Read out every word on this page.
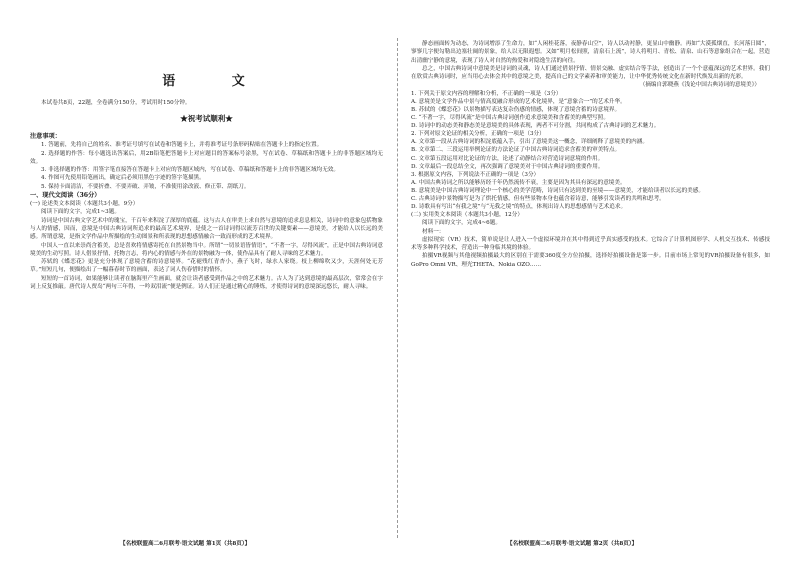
语 文

本试卷共8页，22题，全卷满分150分，考试用时150分钟。

★祝考试顺利★

注意事项：

1. 答题前，先将自己的姓名、准考证号填写在试卷和答题卡上，并将准考证号条形码粘贴在答题卡上的指定位置。

2. 选择题的作答：每小题选出答案后，用2B铅笔把答题卡上对应题目的答案标号涂黑，写在试卷、草稿纸和答题卡上的非答题区域均无效。

3. 非选择题的作答：用签字笔直接答在答题卡上对应的答题区域内，写在试卷、草稿纸和答题卡上的非答题区域均无效。

4. 作图可先使用铅笔画出，确定后必须用黑色字迹的签字笔描黑。

5. 保持卡面清洁，不要折叠、不要弄破、弄皱，不准使用涂改液、修正带、刮纸刀。

一、现代文阅读（36分）

(一) 论述类文本阅读（本题共3小题，9分）

阅读下面的文字，完成1~3题。

诗词是中国古典文学艺术中的瑰宝，千百年来积淀了深厚的底蕴。这与古人在审美上求自然与意境的追求息息相关，诗词中的意象包括物象与人的情感，因而，意境是中国古典诗词所追求的最高艺术境界，是使之一首诗词得以流芳百世的关键要素——意境美，才能给人以长远的美感。所谓意境，是指文学作品中所描绘的生动图景和所表现的思想感情融合一致而形成的艺术境界。

中国人一直以来崇尚含蓄美，总是喜欢将情感寄托在自然景物当中。所谓“一切景语皆情语”，“不著一字，尽得风流”，正是中国古典诗词意境美的生动写照。诗人借景抒情，托物言志，将内心的情感与外在的景物融为一体，使作品具有了耐人寻味的艺术魅力。

苏轼的《蝶恋花》更是充分体现了意境含蓄的诗意境界。“花褪残红青杏小，燕子飞时，绿水人家绕。枝上柳绵吹又少，天涯何处无芳草。”短短几句，便描绘出了一幅暮春时节的画面，表达了词人伤春惜时的情怀。

短短的一首诗词，如果能够让读者在脑海里产生画面，就会让读者感受到作品之中的艺术魅力。古人为了达到意境的最高层次，常常会在字词上反复推敲。唐代诗人贾岛“两句三年得，一吟双泪流”便是例证。诗人们正是通过精心的锤炼，才使得诗词的意境深远悠长，耐人寻味。

【名校联盟高二6月联考·语文试题 第1页（共8页）】

静态画面转为动态，为诗词增添了生命力，如“人闲桂花落，夜静春山空”，诗人以动衬静，更显山中幽静。再如“大漠孤烟直，长河落日圆”，寥寥几字便勾勒出边塞壮阔的景象，给人以无限遐想。又如“明月松间照，清泉石上流”，诗人将明月、青松、清泉、山石等意象组合在一起，营造出清幽宁静的意境，表现了诗人对自然的热爱和对隐逸生活的向往。

总之，中国古典诗词中意境美是诗词的灵魂，诗人们通过借景抒情、情景交融、虚实结合等手法，创造出了一个个意蕴深远的艺术世界。我们在欣赏古典诗词时，应当用心去体会其中的意境之美，提高自己的文学素养和审美能力，让中华优秀传统文化在新时代焕发出新的光彩。

（摘编自郭晓燕《浅论中国古典诗词的意境美》）

1. 下列关于原文内容的理解和分析，不正确的一项是（3分）

A. 意境美是文学作品中景与情高度融合形成的艺术化境界，是“意象合一”的艺术升华。

B. 苏轼的《蝶恋花》以景物描写表达复杂伤感的情感，体现了意境含蓄的诗意境界。

C. “不著一字，尽得风流”是中国古典诗词创作追求意境美和含蓄美的典型写照。

D. 诗词中的动态美和静态美是意境美的具体表现，两者不可分割，共同构成了古典诗词的艺术魅力。

2. 下列对原文论证的相关分析，正确的一项是（3分）

A. 文章第一段从古典诗词的积淀底蕴入手，引出了意境美这一概念，详细阐释了意境美的内涵。

B. 文章第二、三段运用举例论证的方法论证了中国古典诗词追求含蓄美的审美特点。

C. 文章第五段运用对比论证的方法，论述了动静结合对营造诗词意境的作用。

D. 文章最后一段总结全文，再次强调了意境美对于中国古典诗词的重要作用。

3. 根据原文内容，下列说法不正确的一项是（3分）

A. 中国古典诗词之所以能够历经千年仍然流传不衰，主要是因为其具有深远的意境美。

B. 意境美是中国古典诗词理论中一个核心的美学范畴，诗词只有达到美的至境——意境美，才能给读者以长远的美感。

C. 古典诗词中景物描写是为了烘托情感，但有些景物本身也蕴含着诗意，能够引发读者的共鸣和思考。

D. 诗歌具有写出“有我之境”与“无我之境”的特点，体现出诗人的思想感情与艺术追求。

(二) 实用类文本阅读（本题共3小题，12分）

阅读下面的文字，完成4~6题。

材料一：

虚拟现实（VR）技术，简单说是让人进入一个虚拟环境并在其中得到近乎真实感受的技术。它综合了计算机图形学、人机交互技术、传感技术等多种科学技术，营造出一种身临其境的体验。

拍摄VR视频与其他视频拍摄最大的区别在于需要360度全方位拍摄，选择好拍摄设备是第一步。目前市场上常见的VR拍摄设备有很多，如GoPro Omni VR、理光THETA、Nokia OZO……

【名校联盟高二6月联考·语文试题 第2页（共8页）】
